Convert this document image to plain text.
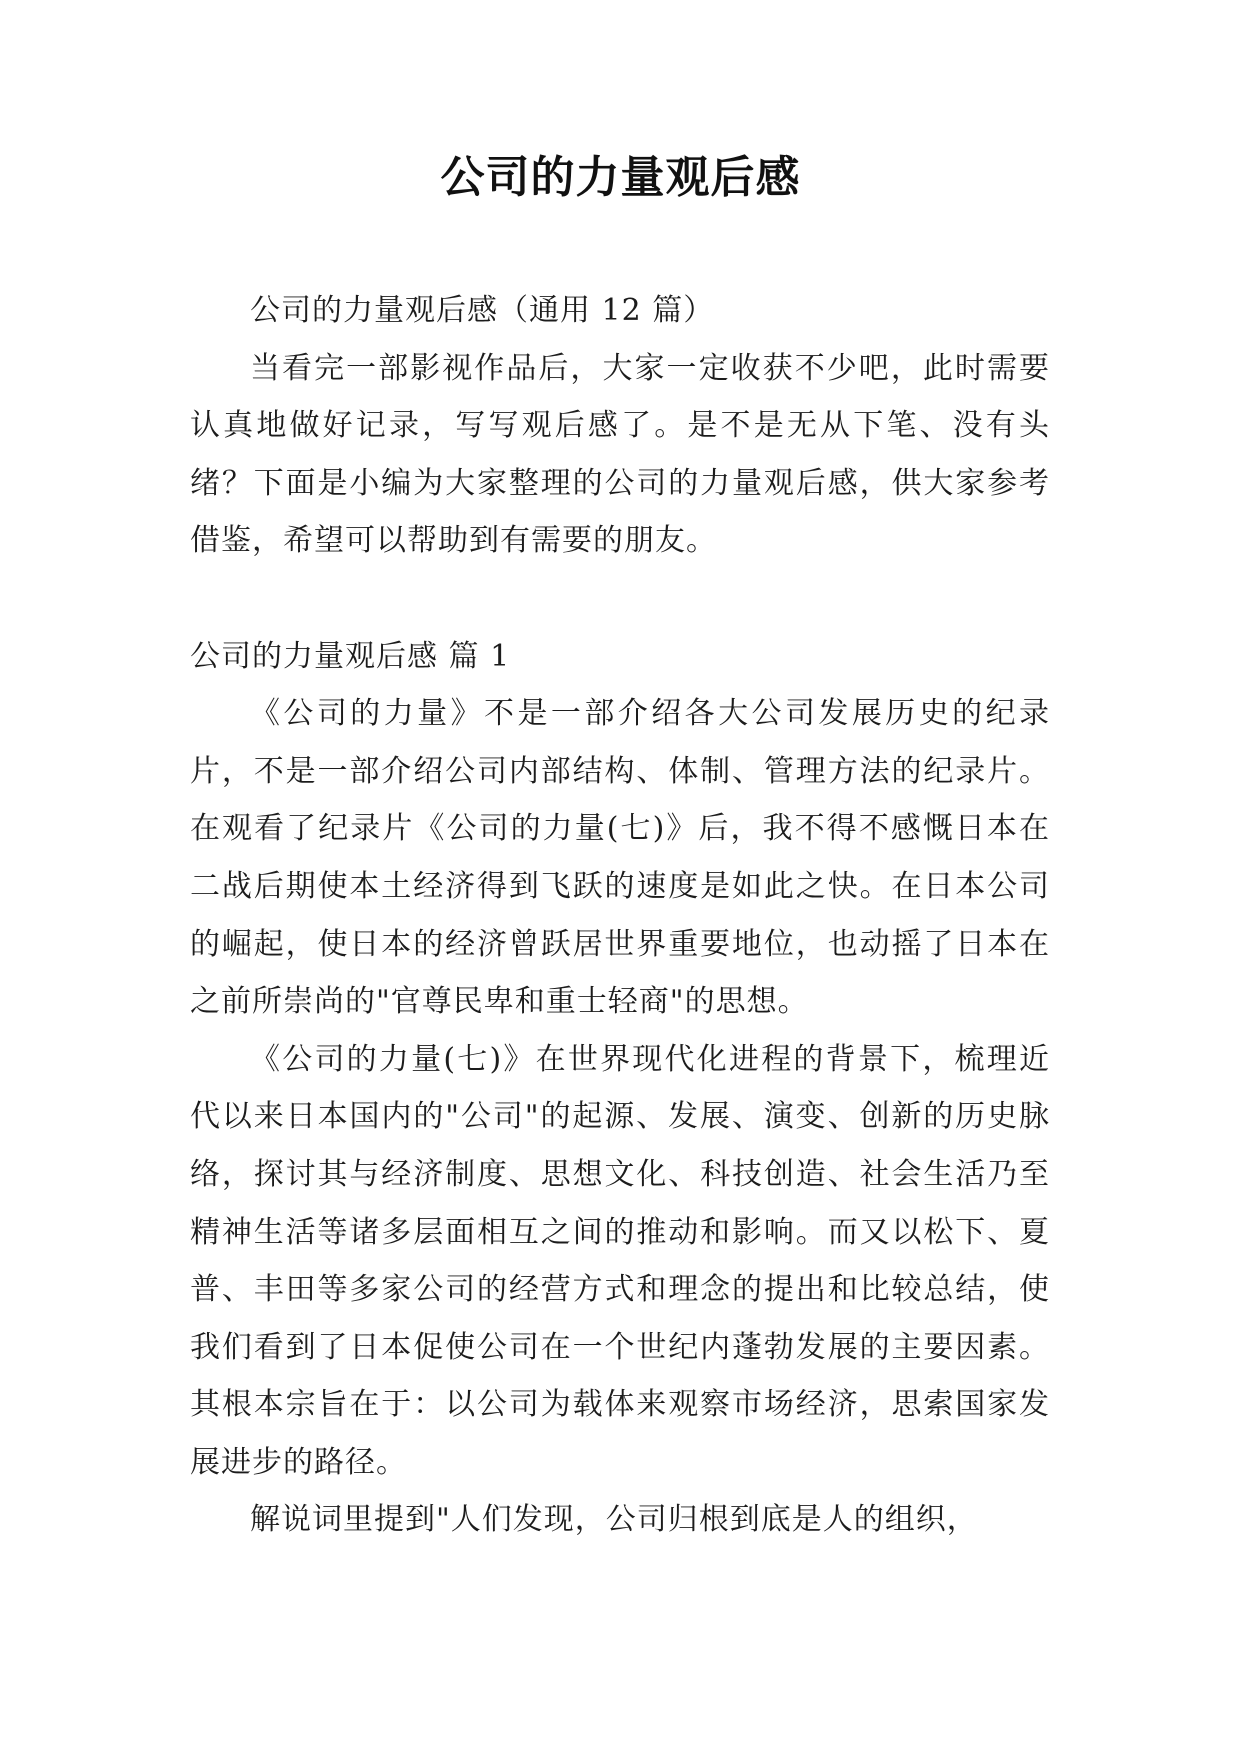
公司的力量观后感

公司的力量观后感（通用 12 篇）

当看完一部影视作品后，大家一定收获不少吧，此时需要认真地做好记录，写写观后感了。是不是无从下笔、没有头绪？下面是小编为大家整理的公司的力量观后感，供大家参考借鉴，希望可以帮助到有需要的朋友。

公司的力量观后感 篇 1

《公司的力量》不是一部介绍各大公司发展历史的纪录片，不是一部介绍公司内部结构、体制、管理方法的纪录片。在观看了纪录片《公司的力量(七)》后，我不得不感慨日本在二战后期使本土经济得到飞跃的速度是如此之快。在日本公司的崛起，使日本的经济曾跃居世界重要地位，也动摇了日本在之前所崇尚的"官尊民卑和重士轻商"的思想。

《公司的力量(七)》在世界现代化进程的背景下，梳理近代以来日本国内的"公司"的起源、发展、演变、创新的历史脉络，探讨其与经济制度、思想文化、科技创造、社会生活乃至精神生活等诸多层面相互之间的推动和影响。而又以松下、夏普、丰田等多家公司的经营方式和理念的提出和比较总结，使我们看到了日本促使公司在一个世纪内蓬勃发展的主要因素。其根本宗旨在于：以公司为载体来观察市场经济，思索国家发展进步的路径。

解说词里提到"人们发现，公司归根到底是人的组织，
